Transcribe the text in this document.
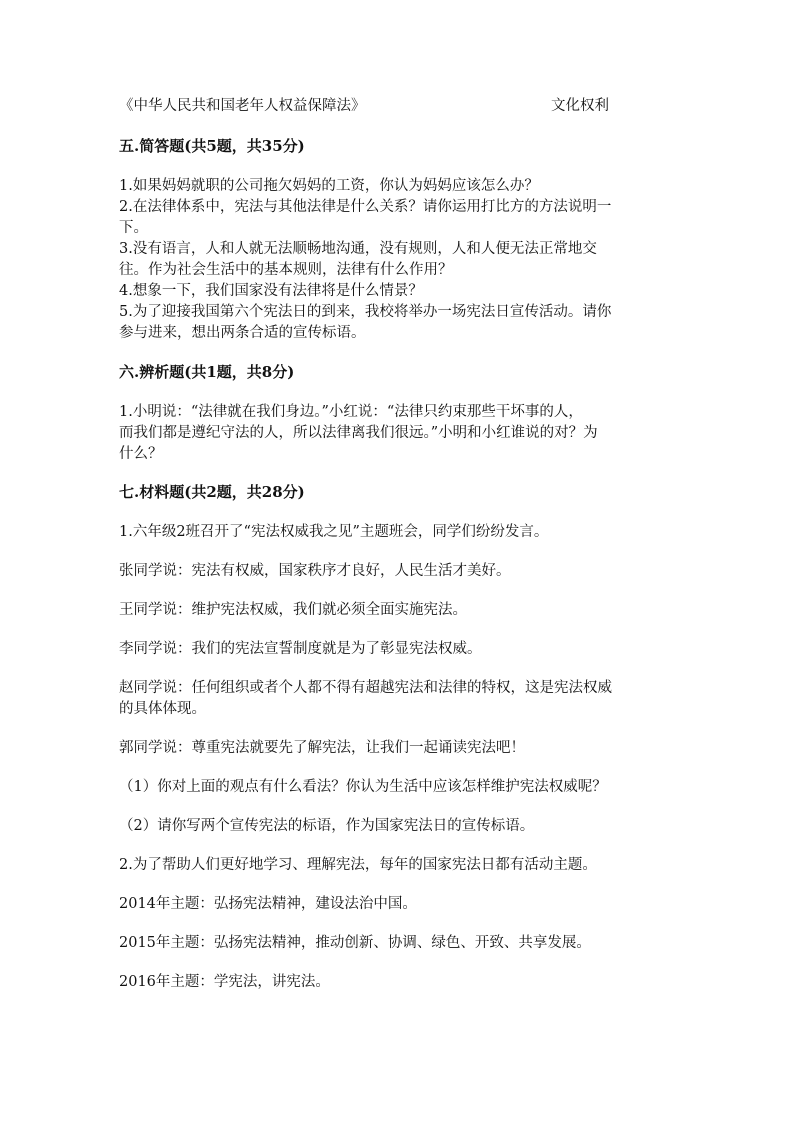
《中华人民共和国老年人权益保障法》	文化权利
五.简答题(共5题，共35分)
1.如果妈妈就职的公司拖欠妈妈的工资，你认为妈妈应该怎么办？
2.在法律体系中，宪法与其他法律是什么关系？请你运用打比方的方法说明一
下。
3.没有语言，人和人就无法顺畅地沟通，没有规则，人和人便无法正常地交
往。作为社会生活中的基本规则，法律有什么作用？
4.想象一下，我们国家没有法律将是什么情景？
5.为了迎接我国第六个宪法日的到来，我校将举办一场宪法日宣传活动。请你
参与进来，想出两条合适的宣传标语。
六.辨析题(共1题，共8分)
1.小明说：“法律就在我们身边。”小红说：“法律只约束那些干坏事的人，
而我们都是遵纪守法的人，所以法律离我们很远。”小明和小红谁说的对？为
什么？
七.材料题(共2题，共28分)
1.六年级2班召开了“宪法权威我之见”主题班会，同学们纷纷发言。
张同学说：宪法有权威，国家秩序才良好，人民生活才美好。
王同学说：维护宪法权威，我们就必须全面实施宪法。
李同学说：我们的宪法宣誓制度就是为了彰显宪法权威。
赵同学说：任何组织或者个人都不得有超越宪法和法律的特权，这是宪法权威
的具体体现。
郭同学说：尊重宪法就要先了解宪法，让我们一起诵读宪法吧！
（1）你对上面的观点有什么看法？你认为生活中应该怎样维护宪法权威呢？
（2）请你写两个宣传宪法的标语，作为国家宪法日的宣传标语。
2.为了帮助人们更好地学习、理解宪法，每年的国家宪法日都有活动主题。
2014年主题：弘扬宪法精神，建设法治中国。
2015年主题：弘扬宪法精神，推动创新、协调、绿色、开致、共享发展。
2016年主题：学宪法，讲宪法。
